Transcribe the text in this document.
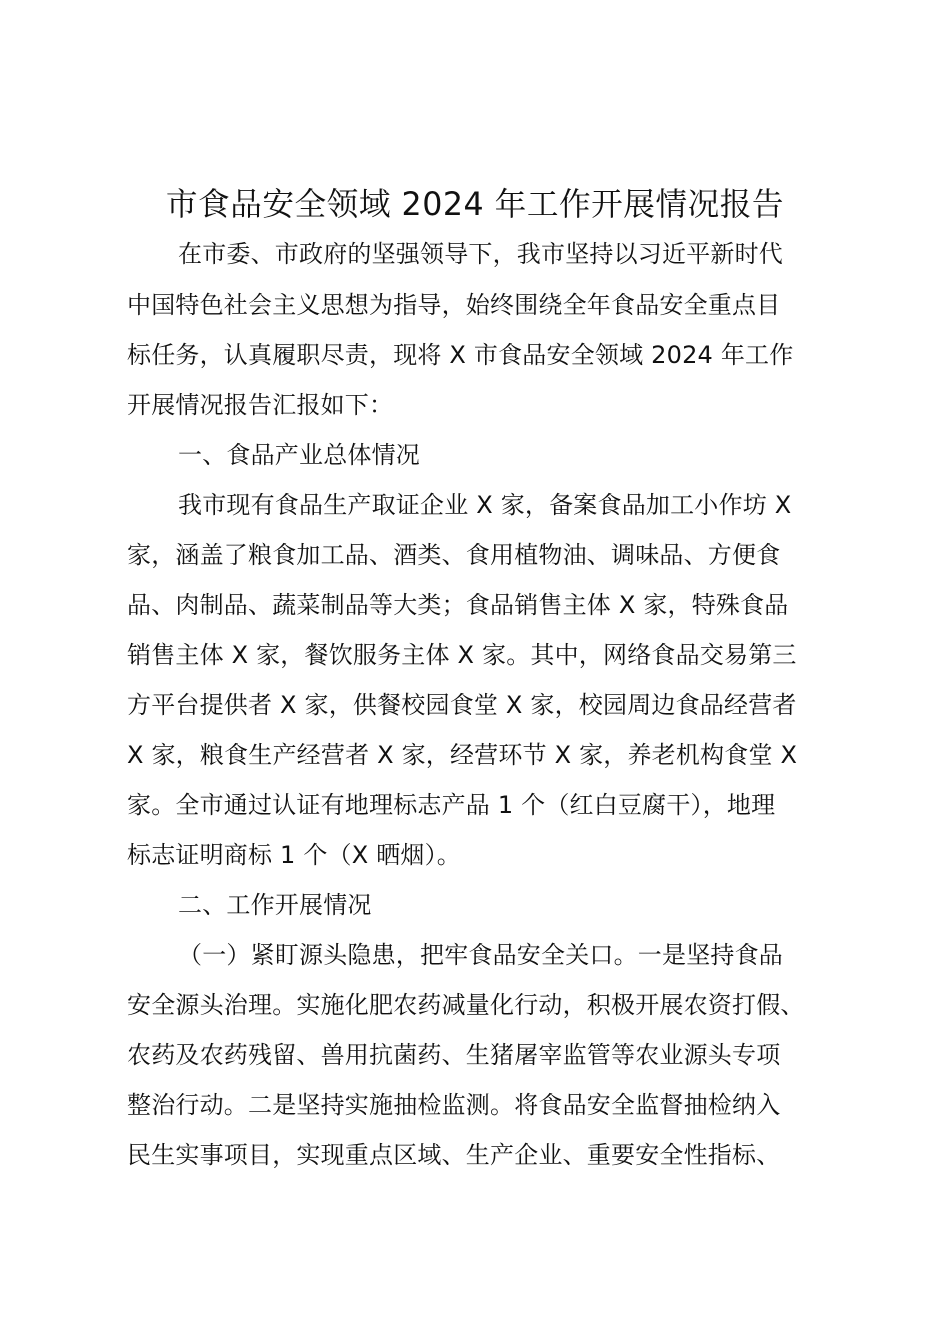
市食品安全领域 2024 年工作开展情况报告
在市委、市政府的坚强领导下，我市坚持以习近平新时代
中国特色社会主义思想为指导，始终围绕全年食品安全重点目
标任务，认真履职尽责，现将 X 市食品安全领域 2024 年工作
开展情况报告汇报如下：
一、食品产业总体情况
我市现有食品生产取证企业 X 家，备案食品加工小作坊 X
家，涵盖了粮食加工品、酒类、食用植物油、调味品、方便食
品、肉制品、蔬菜制品等大类；食品销售主体 X 家，特殊食品
销售主体 X 家，餐饮服务主体 X 家。其中，网络食品交易第三
方平台提供者 X 家，供餐校园食堂 X 家，校园周边食品经营者
X 家，粮食生产经营者 X 家，经营环节 X 家，养老机构食堂 X
家。全市通过认证有地理标志产品 1 个（红白豆腐干），地理
标志证明商标 1 个（X 晒烟）。
二、工作开展情况
（一）紧盯源头隐患，把牢食品安全关口。一是坚持食品
安全源头治理。实施化肥农药减量化行动，积极开展农资打假、
农药及农药残留、兽用抗菌药、生猪屠宰监管等农业源头专项
整治行动。二是坚持实施抽检监测。将食品安全监督抽检纳入
民生实事项目，实现重点区域、生产企业、重要安全性指标、
